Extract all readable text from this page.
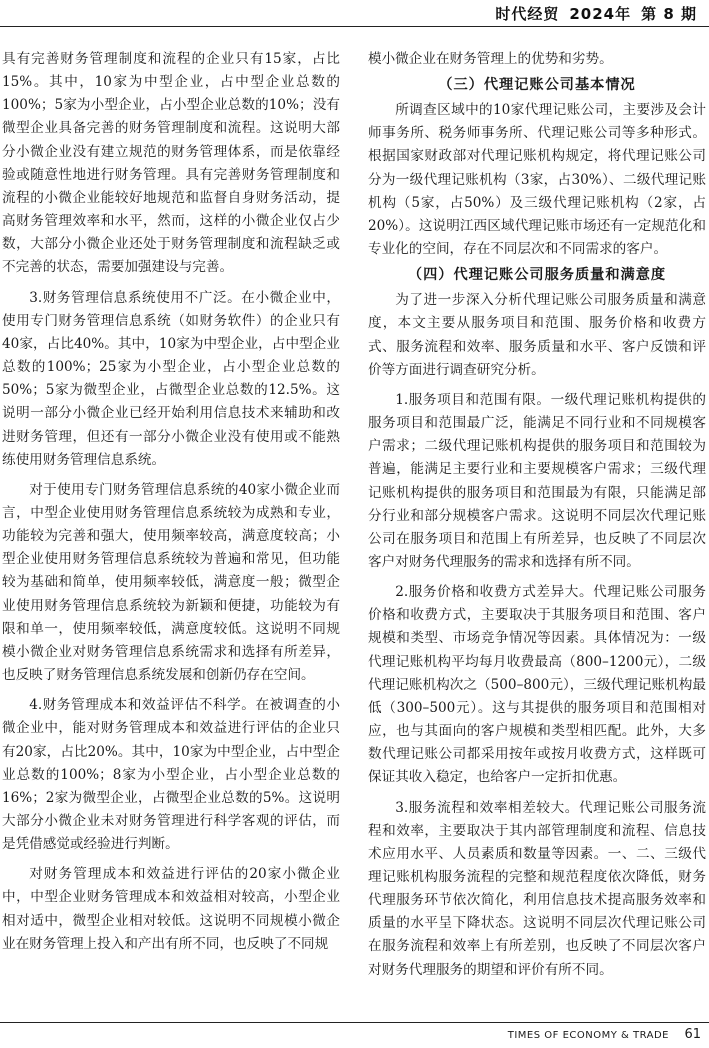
时代经贸 2024年 第 8 期

具有完善财务管理制度和流程的企业只有15家，占比15%。其中，10家为中型企业，占中型企业总数的100%；5家为小型企业，占小型企业总数的10%；没有微型企业具备完善的财务管理制度和流程。这说明大部分小微企业没有建立规范的财务管理体系，而是依靠经验或随意性地进行财务管理。具有完善财务管理制度和流程的小微企业能较好地规范和监督自身财务活动，提高财务管理效率和水平，然而，这样的小微企业仅占少数，大部分小微企业还处于财务管理制度和流程缺乏或不完善的状态，需要加强建设与完善。

3.财务管理信息系统使用不广泛。在小微企业中，使用专门财务管理信息系统（如财务软件）的企业只有40家，占比40%。其中，10家为中型企业，占中型企业总数的100%；25家为小型企业，占小型企业总数的50%；5家为微型企业，占微型企业总数的12.5%。这说明一部分小微企业已经开始利用信息技术来辅助和改进财务管理，但还有一部分小微企业没有使用或不能熟练使用财务管理信息系统。

对于使用专门财务管理信息系统的40家小微企业而言，中型企业使用财务管理信息系统较为成熟和专业，功能较为完善和强大，使用频率较高，满意度较高；小型企业使用财务管理信息系统较为普遍和常见，但功能较为基础和简单，使用频率较低，满意度一般；微型企业使用财务管理信息系统较为新颖和便捷，功能较为有限和单一，使用频率较低，满意度较低。这说明不同规模小微企业对财务管理信息系统需求和选择有所差异，也反映了财务管理信息系统发展和创新仍存在空间。

4.财务管理成本和效益评估不科学。在被调查的小微企业中，能对财务管理成本和效益进行评估的企业只有20家，占比20%。其中，10家为中型企业，占中型企业总数的100%；8家为小型企业，占小型企业总数的16%；2家为微型企业，占微型企业总数的5%。这说明大部分小微企业未对财务管理进行科学客观的评估，而是凭借感觉或经验进行判断。

对财务管理成本和效益进行评估的20家小微企业中，中型企业财务管理成本和效益相对较高，小型企业相对适中，微型企业相对较低。这说明不同规模小微企业在财务管理上投入和产出有所不同，也反映了不同规

模小微企业在财务管理上的优势和劣势。

（三）代理记账公司基本情况

所调查区域中的10家代理记账公司，主要涉及会计师事务所、税务师事务所、代理记账公司等多种形式。根据国家财政部对代理记账机构规定，将代理记账公司分为一级代理记账机构（3家，占30%）、二级代理记账机构（5家，占50%）及三级代理记账机构（2家，占20%）。这说明江西区域代理记账市场还有一定规范化和专业化的空间，存在不同层次和不同需求的客户。

（四）代理记账公司服务质量和满意度

为了进一步深入分析代理记账公司服务质量和满意度，本文主要从服务项目和范围、服务价格和收费方式、服务流程和效率、服务质量和水平、客户反馈和评价等方面进行调查研究分析。

1.服务项目和范围有限。一级代理记账机构提供的服务项目和范围最广泛，能满足不同行业和不同规模客户需求；二级代理记账机构提供的服务项目和范围较为普遍，能满足主要行业和主要规模客户需求；三级代理记账机构提供的服务项目和范围最为有限，只能满足部分行业和部分规模客户需求。这说明不同层次代理记账公司在服务项目和范围上有所差异，也反映了不同层次客户对财务代理服务的需求和选择有所不同。

2.服务价格和收费方式差异大。代理记账公司服务价格和收费方式，主要取决于其服务项目和范围、客户规模和类型、市场竞争情况等因素。具体情况为：一级代理记账机构平均每月收费最高（800–1200元），二级代理记账机构次之（500–800元），三级代理记账机构最低（300–500元）。这与其提供的服务项目和范围相对应，也与其面向的客户规模和类型相匹配。此外，大多数代理记账公司都采用按年或按月收费方式，这样既可保证其收入稳定，也给客户一定折扣优惠。

3.服务流程和效率相差较大。代理记账公司服务流程和效率，主要取决于其内部管理制度和流程、信息技术应用水平、人员素质和数量等因素。一、二、三级代理记账机构服务流程的完整和规范程度依次降低，财务代理服务环节依次简化，利用信息技术提高服务效率和质量的水平呈下降状态。这说明不同层次代理记账公司在服务流程和效率上有所差别，也反映了不同层次客户对财务代理服务的期望和评价有所不同。

TIMES OF ECONOMY & TRADE 61
